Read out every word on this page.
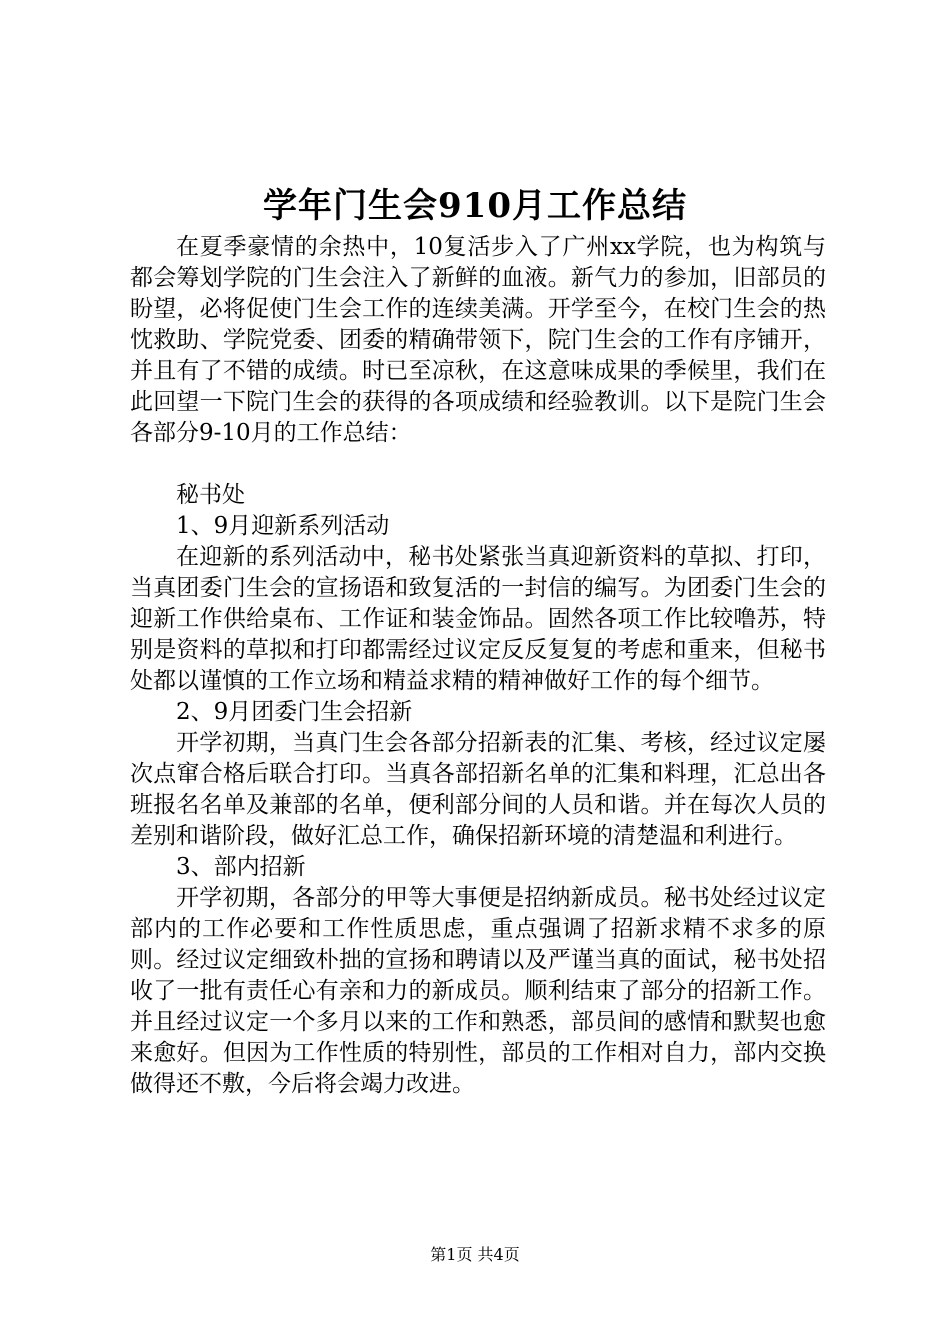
学年门生会910月工作总结

在夏季豪情的余热中，10复活步入了广州xx学院，也为构筑与都会筹划学院的门生会注入了新鲜的血液。新气力的参加，旧部员的盼望，必将促使门生会工作的连续美满。开学至今，在校门生会的热忱救助、学院党委、团委的精确带领下，院门生会的工作有序铺开，并且有了不错的成绩。时已至凉秋，在这意味成果的季候里，我们在此回望一下院门生会的获得的各项成绩和经验教训。以下是院门生会各部分9-10月的工作总结：

秘书处

1、9月迎新系列活动

在迎新的系列活动中，秘书处紧张当真迎新资料的草拟、打印，当真团委门生会的宣扬语和致复活的一封信的编写。为团委门生会的迎新工作供给桌布、工作证和装金饰品。固然各项工作比较噜苏，特别是资料的草拟和打印都需经过议定反反复复的考虑和重来，但秘书处都以谨慎的工作立场和精益求精的精神做好工作的每个细节。

2、9月团委门生会招新

开学初期，当真门生会各部分招新表的汇集、考核，经过议定屡次点窜合格后联合打印。当真各部招新名单的汇集和料理，汇总出各班报名名单及兼部的名单，便利部分间的人员和谐。并在每次人员的差别和谐阶段，做好汇总工作，确保招新环境的清楚温和利进行。

3、部内招新

开学初期，各部分的甲等大事便是招纳新成员。秘书处经过议定部内的工作必要和工作性质思虑，重点强调了招新求精不求多的原则。经过议定细致朴拙的宣扬和聘请以及严谨当真的面试，秘书处招收了一批有责任心有亲和力的新成员。顺利结束了部分的招新工作。并且经过议定一个多月以来的工作和熟悉，部员间的感情和默契也愈来愈好。但因为工作性质的特别性，部员的工作相对自力，部内交换做得还不敷，今后将会竭力改进。

第1页 共4页
